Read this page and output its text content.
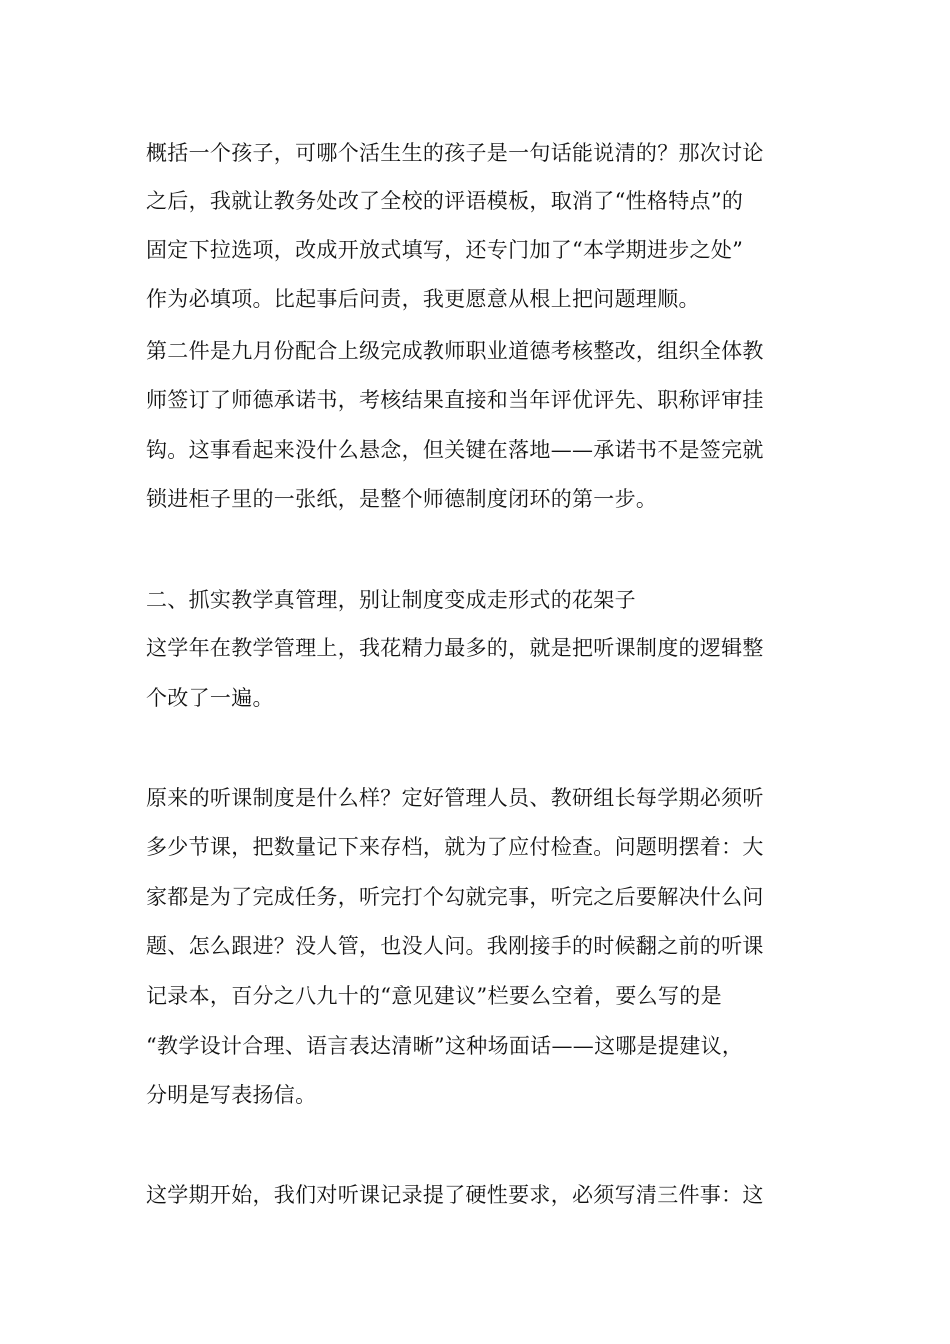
概括一个孩子，可哪个活生生的孩子是一句话能说清的？那次讨论
之后，我就让教务处改了全校的评语模板，取消了“性格特点”的
固定下拉选项，改成开放式填写，还专门加了“本学期进步之处”
作为必填项。比起事后问责，我更愿意从根上把问题理顺。
第二件是九月份配合上级完成教师职业道德考核整改，组织全体教
师签订了师德承诺书，考核结果直接和当年评优评先、职称评审挂
钩。这事看起来没什么悬念，但关键在落地——承诺书不是签完就
锁进柜子里的一张纸，是整个师德制度闭环的第一步。
二、抓实教学真管理，别让制度变成走形式的花架子
这学年在教学管理上，我花精力最多的，就是把听课制度的逻辑整
个改了一遍。
原来的听课制度是什么样？定好管理人员、教研组长每学期必须听
多少节课，把数量记下来存档，就为了应付检查。问题明摆着：大
家都是为了完成任务，听完打个勾就完事，听完之后要解决什么问
题、怎么跟进？没人管，也没人问。我刚接手的时候翻之前的听课
记录本，百分之八九十的“意见建议”栏要么空着，要么写的是
“教学设计合理、语言表达清晰”这种场面话——这哪是提建议，
分明是写表扬信。
这学期开始，我们对听课记录提了硬性要求，必须写清三件事：这
